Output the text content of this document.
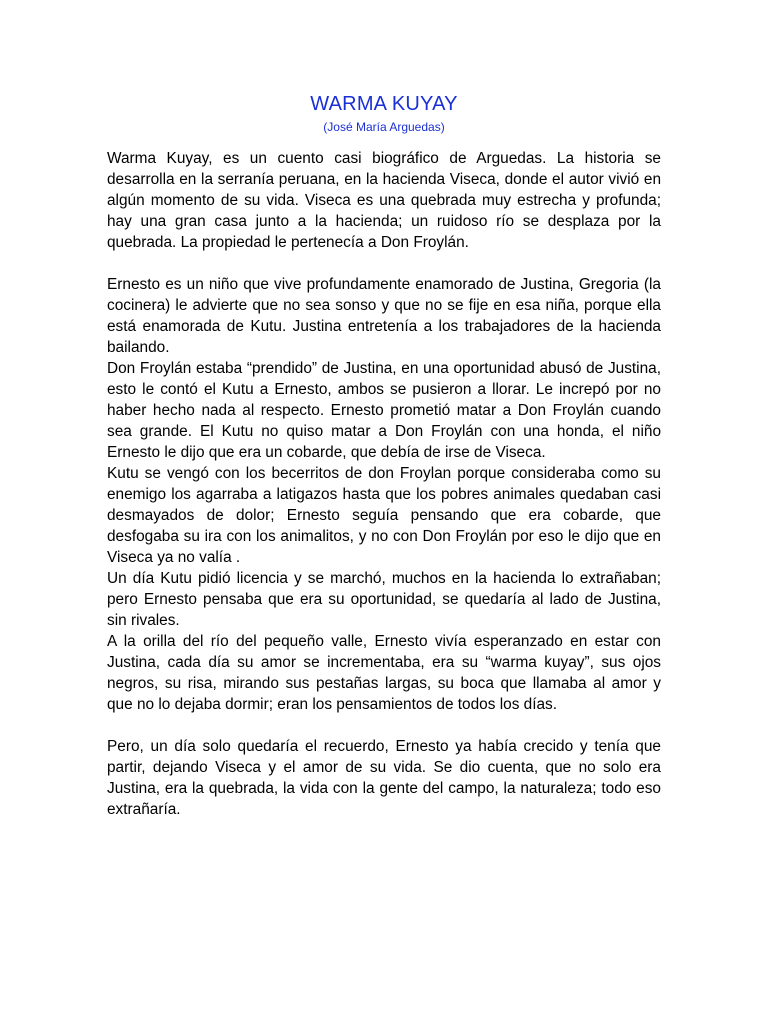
WARMA KUYAY
(José María Arguedas)

Warma Kuyay, es un cuento casi biográfico de Arguedas. La historia se desarrolla en la serranía peruana, en la hacienda Viseca, donde el autor vivió en algún momento de su vida. Viseca es una quebrada muy estrecha y profunda; hay una gran casa junto a la hacienda; un ruidoso río se desplaza por la quebrada. La propiedad le pertenecía a Don Froylán.

Ernesto es un niño que vive profundamente enamorado de Justina, Gregoria (la cocinera) le advierte que no sea sonso y que no se fije en esa niña, porque ella está enamorada de Kutu. Justina entretenía a los trabajadores de la hacienda bailando.

Don Froylán estaba “prendido” de Justina, en una oportunidad abusó de Justina, esto le contó el Kutu a Ernesto, ambos se pusieron a llorar. Le increpó por no haber hecho nada al respecto. Ernesto prometió matar a Don Froylán cuando sea grande. El Kutu no quiso matar a Don Froylán con una honda, el niño Ernesto le dijo que era un cobarde, que debía de irse de Viseca.

Kutu se vengó con los becerritos de don Froylan porque consideraba como su enemigo los agarraba a latigazos hasta que los pobres animales quedaban casi desmayados de dolor; Ernesto seguía pensando que era cobarde, que desfogaba su ira con los animalitos, y no con Don Froylán por eso le dijo que en Viseca ya no valía .

Un día Kutu pidió licencia y se marchó, muchos en la hacienda lo extrañaban; pero Ernesto pensaba que era su oportunidad, se quedaría al lado de Justina, sin rivales.

A la orilla del río del pequeño valle, Ernesto vivía esperanzado en estar con Justina, cada día su amor se incrementaba, era su “warma kuyay”, sus ojos negros, su risa, mirando sus pestañas largas, su boca que llamaba al amor y que no lo dejaba dormir; eran los pensamientos de todos los días.

Pero, un día solo quedaría el recuerdo, Ernesto ya había crecido y tenía que partir, dejando Viseca y el amor de su vida. Se dio cuenta, que no solo era Justina, era la quebrada, la vida con la gente del campo, la naturaleza; todo eso extrañaría.
